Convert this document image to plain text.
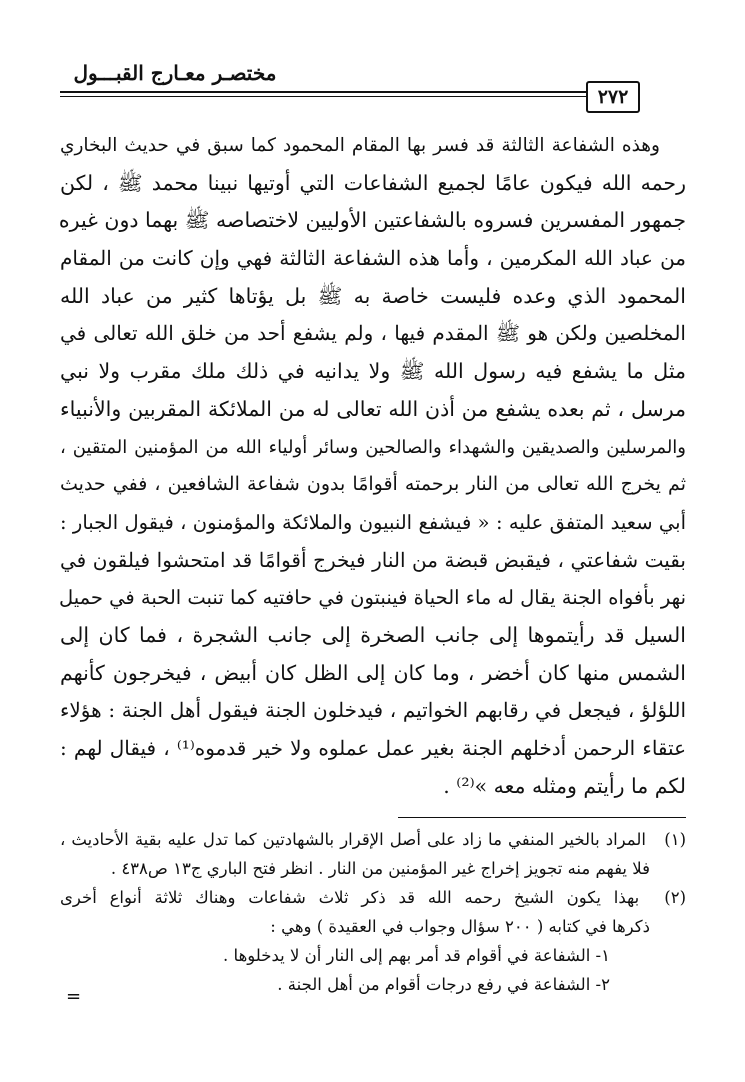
مختصـر معـارج القبـــول
٢٧٢
وهذه الشفاعة الثالثة قد فسر بها المقام المحمود كما سبق في حديث البخاري
رحمه الله فيكون عامًا لجميع الشفاعات التي أوتيها نبينا محمد ﷺ ، لكن
جمهور المفسرين فسروه بالشفاعتين الأوليين لاختصاصه ﷺ بهما دون غيره
من عباد الله المكرمين ، وأما هذه الشفاعة الثالثة فهي وإن كانت من المقام
المحمود الذي وعده فليست خاصة به ﷺ بل يؤتاها كثير من عباد الله
المخلصين ولكن هو ﷺ المقدم فيها ، ولم يشفع أحد من خلق الله تعالى في
مثل ما يشفع فيه رسول الله ﷺ ولا يدانيه في ذلك ملك مقرب ولا نبي
مرسل ، ثم بعده يشفع من أذن الله تعالى له من الملائكة المقربين والأنبياء
والمرسلين والصديقين والشهداء والصالحين وسائر أولياء الله من المؤمنين المتقين ،
ثم يخرج الله تعالى من النار برحمته أقوامًا بدون شفاعة الشافعين ، ففي حديث
أبي سعيد المتفق عليه : « فيشفع النبيون والملائكة والمؤمنون ، فيقول الجبار :
بقيت شفاعتي ، فيقبض قبضة من النار فيخرج أقوامًا قد امتحشوا فيلقون في
نهر بأفواه الجنة يقال له ماء الحياة فينبتون في حافتيه كما تنبت الحبة في حميل
السيل قد رأيتموها إلى جانب الصخرة إلى جانب الشجرة ، فما كان إلى
الشمس منها كان أخضر ، وما كان إلى الظل كان أبيض ، فيخرجون كأنهم
اللؤلؤ ، فيجعل في رقابهم الخواتيم ، فيدخلون الجنة فيقول أهل الجنة : هؤلاء
عتقاء الرحمن أدخلهم الجنة بغير عمل عملوه ولا خير قدموه⁽¹⁾ ، فيقال لهم :
لكم ما رأيتم ومثله معه »⁽²⁾ .
(١) المراد بالخير المنفي ما زاد على أصل الإقرار بالشهادتين كما تدل عليه بقية الأحاديث ،
فلا يفهم منه تجويز إخراج غير المؤمنين من النار . انظر فتح الباري ج١٣ ص٤٣٨ .
(٢) بهذا يكون الشيخ رحمه الله قد ذكر ثلاث شفاعات وهناك ثلاثة أنواع أخرى
ذكرها في كتابه ( ٢٠٠ سؤال وجواب في العقيدة ) وهي :
١- الشفاعة في أقوام قد أمر بهم إلى النار أن لا يدخلوها .
٢- الشفاعة في رفع درجات أقوام من أهل الجنة .
=
